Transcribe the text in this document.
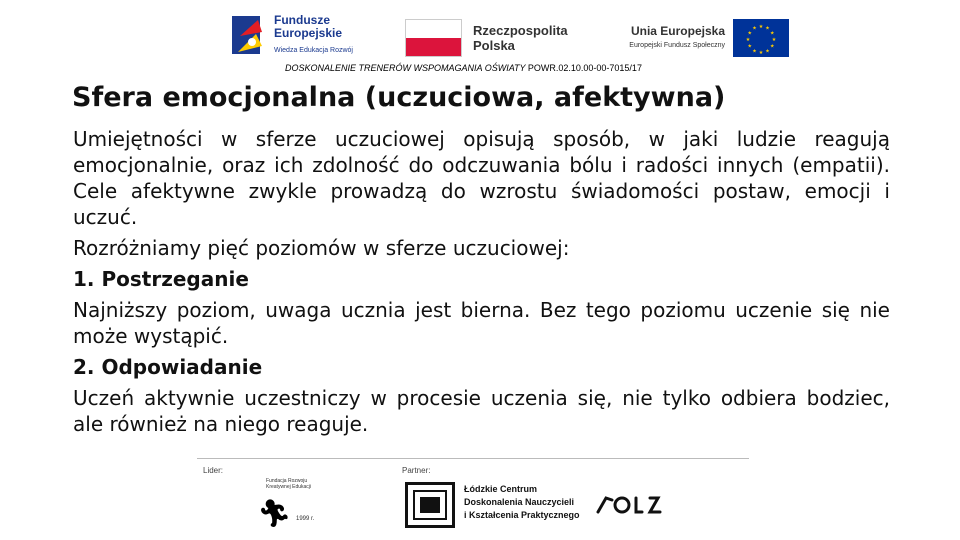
Fundusze
Europejskie
Wiedza Edukacja Rozwój
Rzeczpospolita
Polska
Unia Europejska
Europejski Fundusz Społeczny
★ ★
★
★
★
★
★
★
★
★
★
★
DOSKONALENIE TRENERÓW WSPOMAGANIA OŚWIATY POWR.02.10.00-00-7015/17
Sfera emocjonalna (uczuciowa, afektywna)

Umiejętności w sferze uczuciowej opisują sposób, w jaki ludzie reagują emocjonalnie, oraz ich zdolność do odczuwania bólu i radości innych (empatii). Cele afektywne zwykle prowadzą do wzrostu świadomości postaw, emocji i uczuć.

Rozróżniamy pięć poziomów w sferze uczuciowej:

1. Postrzeganie

Najniższy poziom, uwaga ucznia jest bierna. Bez tego poziomu uczenie się nie może wystąpić.

2. Odpowiadanie

Uczeń aktywnie uczestniczy w procesie uczenia się, nie tylko odbiera bodziec, ale również na niego reaguje.

Lider:	Partner:
Fundacja Rozwoju Kreatywnej Edukacji
🏃︎ 1999 r.
Łódzkie Centrum
Doskonalenia Nauczycieli
i Kształcenia Praktycznego
